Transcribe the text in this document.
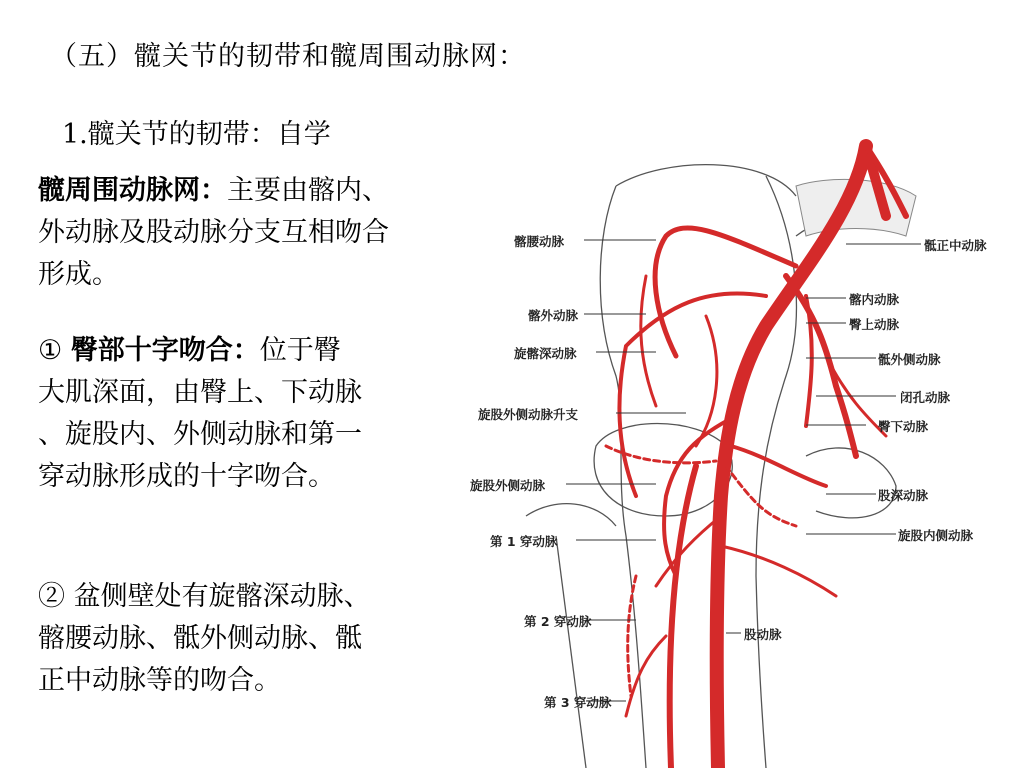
（五）髋关节的韧带和髋周围动脉网：
1.髋关节的韧带：自学
髋周围动脉网：主要由髂内、
外动脉及股动脉分支互相吻合
形成。
① 臀部十字吻合：位于臀
大肌深面，由臀上、下动脉
、旋股内、外侧动脉和第一
穿动脉形成的十字吻合。
② 盆侧壁处有旋髂深动脉、
髂腰动脉、骶外侧动脉、骶
正中动脉等的吻合。
髂腰动脉
髂外动脉
旋髂深动脉
旋股外侧动脉升支
旋股外侧动脉
第 1 穿动脉
第 2 穿动脉
第 3 穿动脉
骶正中动脉
髂内动脉
臀上动脉
骶外侧动脉
闭孔动脉
臀下动脉
股深动脉
旋股内侧动脉
股动脉
